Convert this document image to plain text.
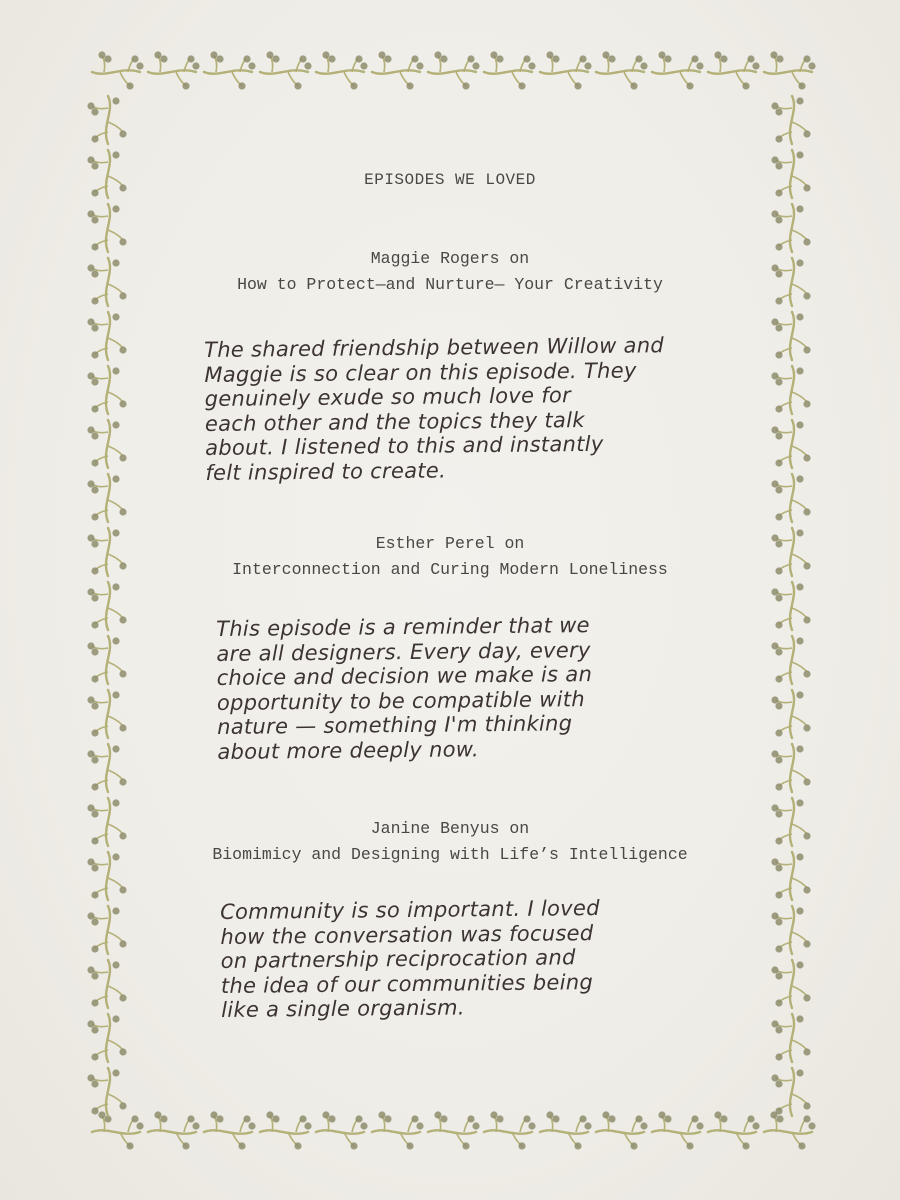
EPISODES WE LOVED
Maggie Rogers on
How to Protect—and Nurture— Your Creativity
The shared friendship between Willow and
Maggie is so clear on this episode. They
genuinely exude so much love for
each other and the topics they talk
about. I listened to this and instantly
felt inspired to create.
Esther Perel on
Interconnection and Curing Modern Loneliness
This episode is a reminder that we
are all designers. Every day, every
choice and decision we make is an
opportunity to be compatible with
nature — something I'm thinking
about more deeply now.
Janine Benyus on
Biomimicy and Designing with Life’s Intelligence
Community is so important. I loved
how the conversation was focused
on partnership reciprocation and
the idea of our communities being
like a single organism.
